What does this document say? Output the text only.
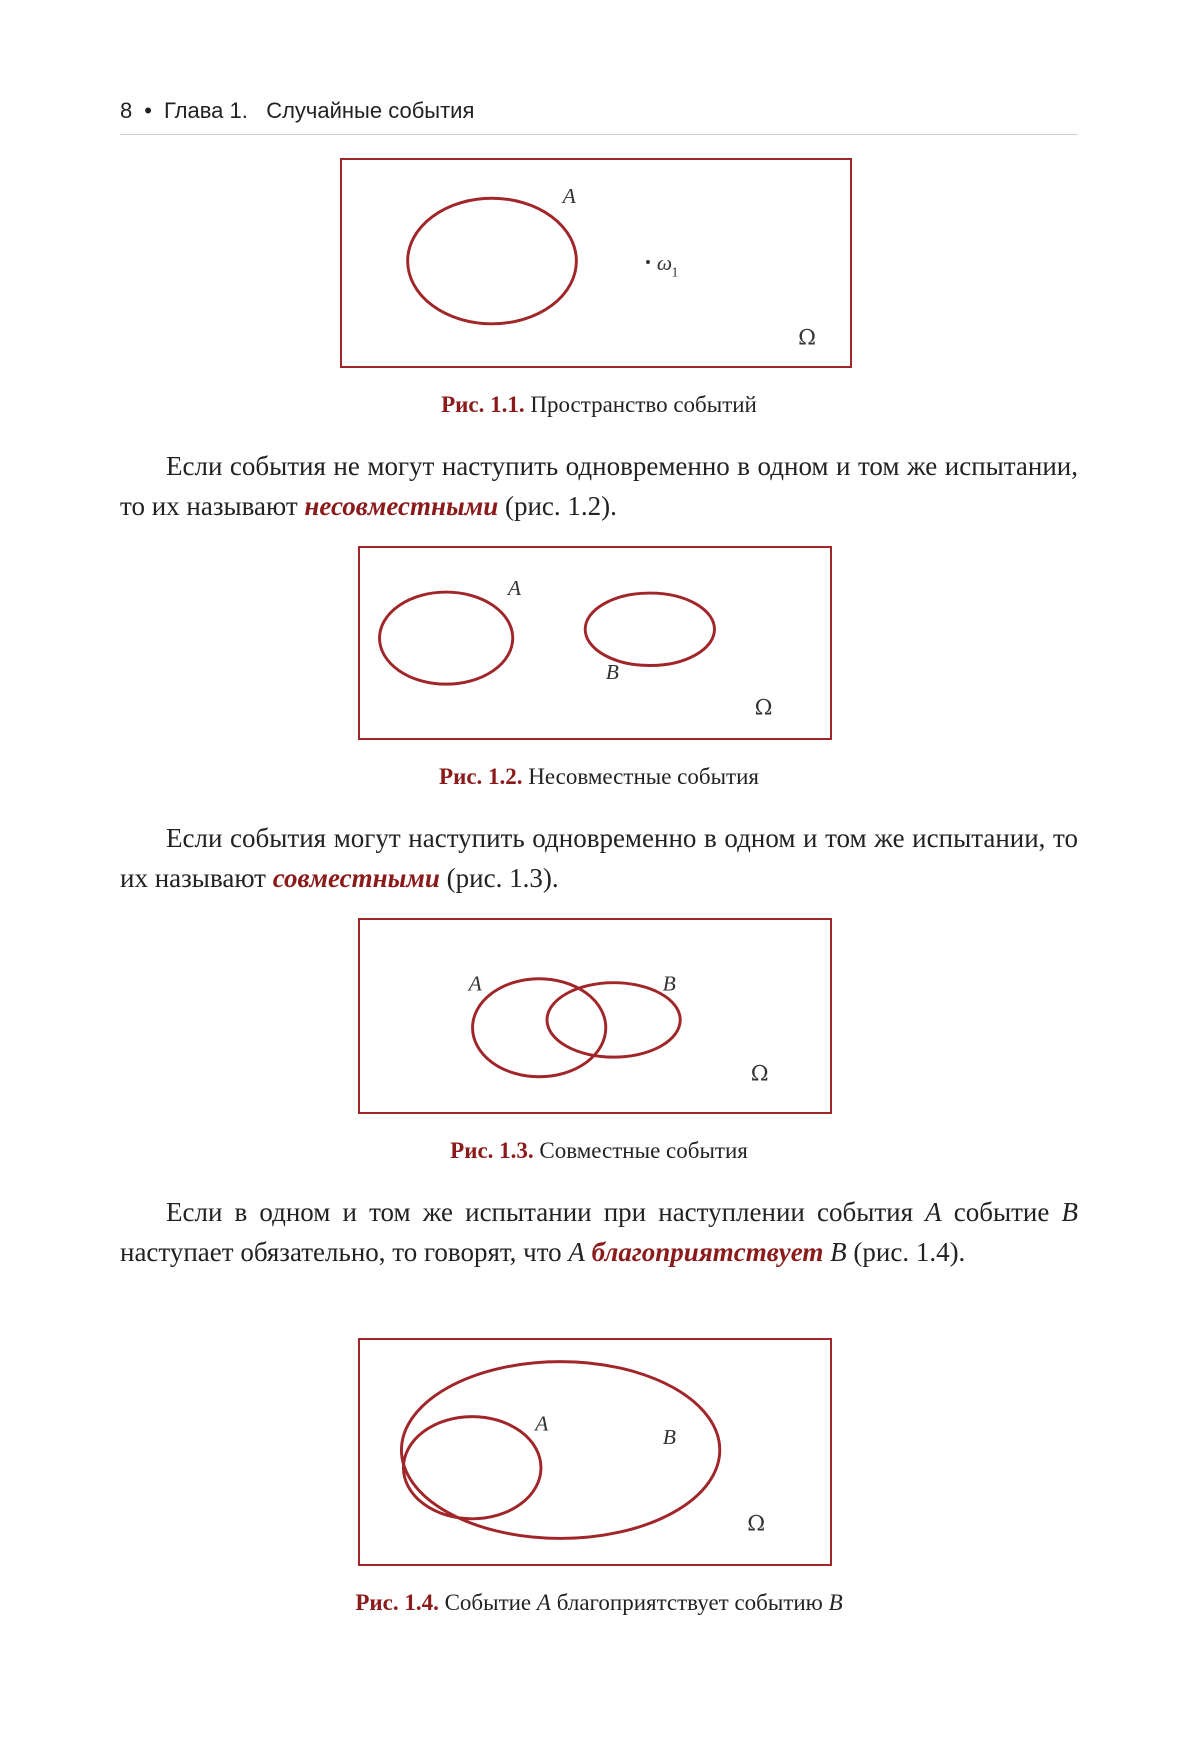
8 • Глава 1. Случайные события
A
ω 1
Ω
Рис. 1.1. Пространство событий
Если события не могут наступить одновременно в одном и том же испытании, то их называют несовместными (рис. 1.2).
A
B
Ω
Рис. 1.2. Несовместные события
Если события могут наступить одновременно в одном и том же испытании, то их называют совместными (рис. 1.3).
A	B
Ω
Рис. 1.3. Совместные события
Если в одном и том же испытании при наступлении события A событие B наступает обязательно, то говорят, что A благоприятствует B (рис. 1.4).
B
A
Ω
Рис. 1.4. Событие A благоприятствует событию B
